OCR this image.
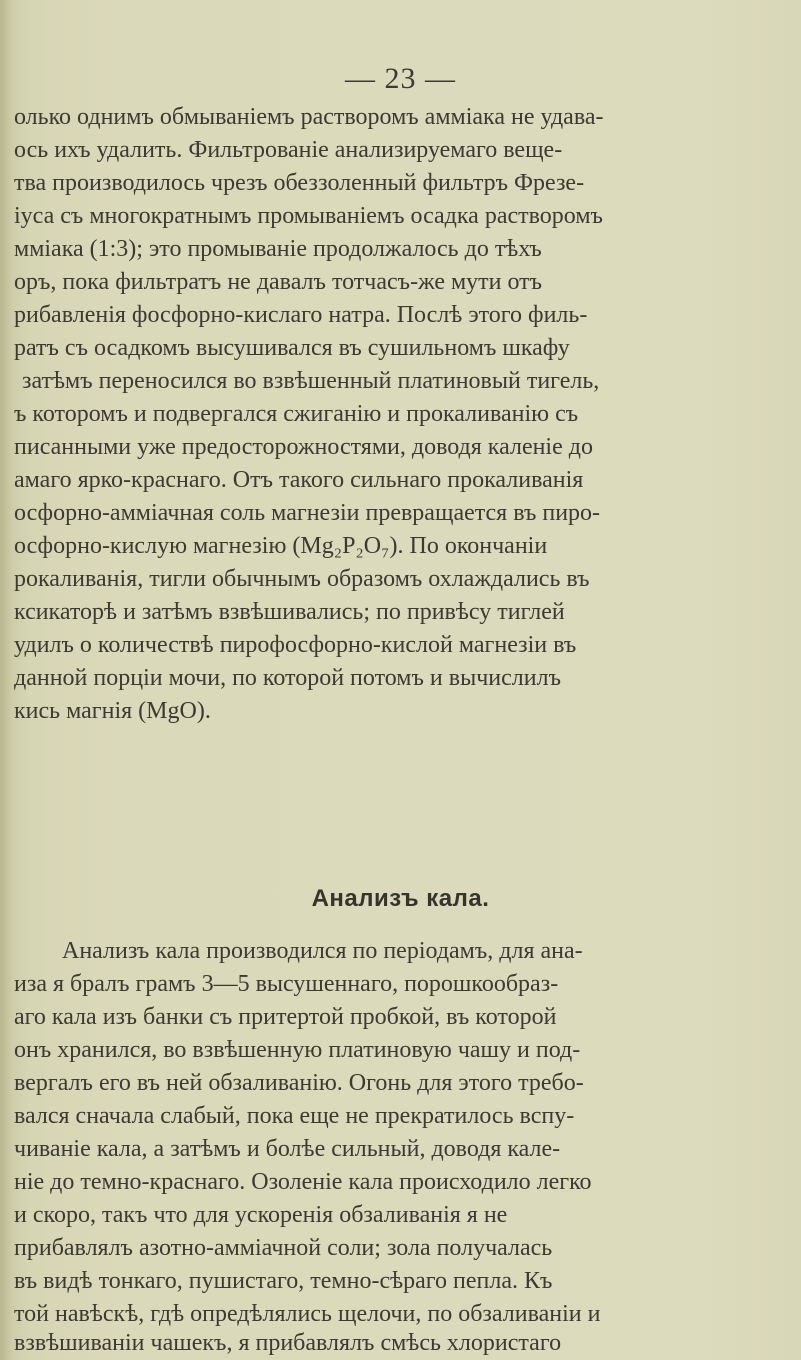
— 23 —
олько однимъ обмыванiемъ растворомъ амміака не удава-
ось ихъ удалить. Фильтрованіе анализируемаго веще-
тва производилось чрезъ обеззоленный фильтръ Фрезе-
іуса съ многократнымъ промываніемъ осадка растворомъ
мміака (1:3); это промываніе продолжалось до тѣхъ
оръ, пока фильтратъ не давалъ тотчасъ-же мути отъ
рибавленія фосфорно-кислаго натра. Послѣ этого филь-
ратъ съ осадкомъ высушивался въ сушильномъ шкафу
затѣмъ переносился во взвѣшенный платиновый тигель,
ъ которомъ и подвергался сжиганію и прокаливанію съ
писанными уже предосторожностями, доводя каленіе до
амаго ярко-краснаго. Отъ такого сильнаго прокаливанія
осфорно-амміачная соль магнезіи превращается въ пиро-
осфорно-кислую магнезію (Mg₂P₂O₇). По окончаніи
рокаливанія, тигли обычнымъ образомъ охлаждались въ
ксикаторѣ и затѣмъ взвѣшивались; по привѣсу тиглей
удилъ о количествѣ пирофосфорно-кислой магнезіи въ
данной порціи мочи, по которой потомъ и вычислилъ
кись магнія (MgO).
Анализъ кала.
Анализъ кала производился по періодамъ, для ана-
иза я бралъ грамъ 3—5 высушеннаго, порошкообраз-
аго кала изъ банки съ притертой пробкой, въ которой
онъ хранился, во взвѣшенную платиновую чашу и под-
вергалъ его въ ней обзаливанію. Огонь для этого требо-
вался сначала слабый, пока еще не прекратилось вспу-
чиваніе кала, а затѣмъ и болѣе сильный, доводя кале-
ніе до темно-краснаго. Озоленіе кала происходило легко
и скоро, такъ что для ускоренія обзаливанія я не
прибавлялъ азотно-амміачной соли; зола получалась
въ видѣ тонкаго, пушистаго, темно-сѣраго пепла. Къ
той навѣскѣ, гдѣ опредѣлялись щелочи, по обзаливаніи и
взвѣшиваніи чашекъ, я прибавлялъ смѣсь хлористаго
